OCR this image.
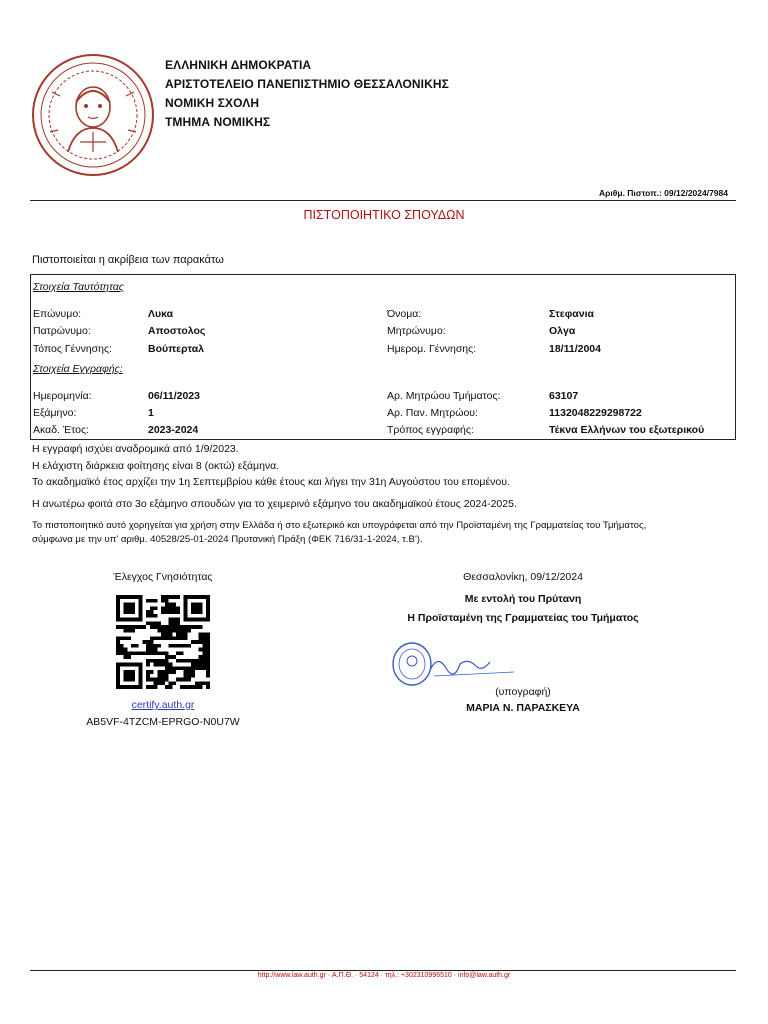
ΕΛΛΗΝΙΚΗ ΔΗΜΟΚΡΑΤΙΑ
ΑΡΙΣΤΟΤΕΛΕΙΟ ΠΑΝΕΠΙΣΤΗΜΙΟ ΘΕΣΣΑΛΟΝΙΚΗΣ
ΝΟΜΙΚΗ ΣΧΟΛΗ
ΤΜΗΜΑ ΝΟΜΙΚΗΣ
Αριθμ. Πιστοπ.: 09/12/2024/7984
ΠΙΣΤΟΠΟΙΗΤΙΚΟ ΣΠΟΥΔΩΝ
Πιστοποιείται η ακρίβεια των παρακάτω
Στοιχεία Ταυτότητας
Επώνυμο:	Λυκα	Όνομα:	Στεφανια
Πατρώνυμο:	Αποστολος	Μητρώνυμο:	Ολγα
Τόπος Γέννησης:	Βούπερταλ	Ημερομ. Γέννησης:	18/11/2004
Στοιχεία Εγγραφής:
Ημερομηνία:	06/11/2023	Αρ. Μητρώου Τμήματος:	63107
Εξάμηνο:	1	Αρ. Παν. Μητρώου:	1132048229298722
Ακαδ. Έτος:	2023-2024	Τρόπος εγγραφής:	Τέκνα Ελλήνων του εξωτερικού
Η εγγραφή ισχύει αναδρομικά από 1/9/2023.
Η ελάχιστη διάρκεια φοίτησης είναι 8 (οκτώ) εξάμηνα.
Το ακαδημαϊκό έτος αρχίζει την 1η Σεπτεμβρίου κάθε έτους και λήγει την 31η Αυγούστου του επομένου.
Η ανωτέρω φοιτά στο 3ο εξάμηνο σπουδών για το χειμερινό εξάμηνο του ακαδημαϊκού έτους 2024-2025.
Το πιστοποιητικό αυτό χορηγείται για χρήση στην Ελλάδα ή στο εξωτερικό και υπογράφεται από την Προϊσταμένη της Γραμματείας του Τμήματος,
σύμφωνα με την υπ' αριθμ. 40528/25-01-2024 Πρυτανική Πράξη (ΦΕΚ 716/31-1-2024, τ.Β').
Έλεγχος Γνησιότητας
certify.auth.gr
AB5VF-4TZCM-EPRGO-N0U7W
Θεσσαλονίκη, 09/12/2024
Με εντολή του Πρύτανη
Η Προϊσταμένη της Γραμματείας του Τμήματος
(υπογραφή)
ΜΑΡΙΑ Ν. ΠΑΡΑΣΚΕΥΑ
http://www.law.auth.gr · Α.Π.Θ. · 54124 · τηλ.: +302310996510 · info@law.auth.gr
